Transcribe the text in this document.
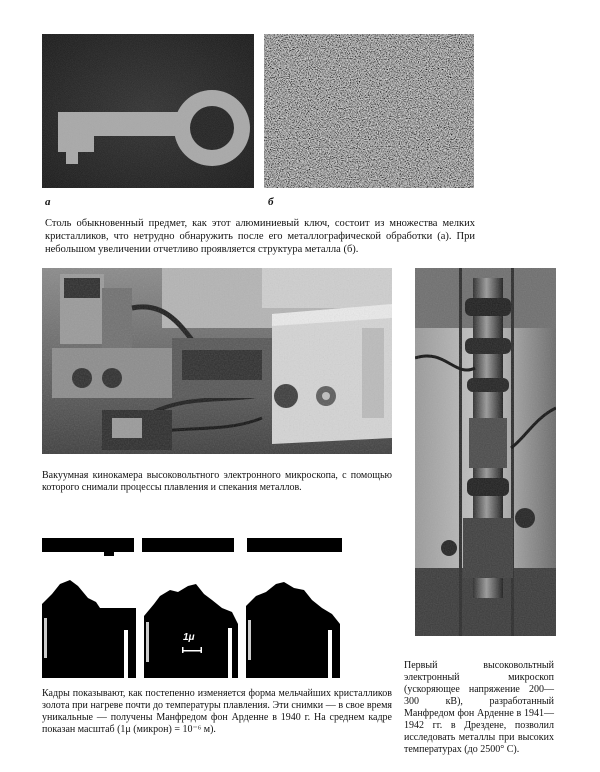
а	б

Столь обыкновенный предмет, как этот алюминиевый ключ, состоит из множества мелких кристалликов, что нетрудно обнаружить после его металлографической обработки (а). При небольшом увеличении отчетливо проявляется структура металла (б).

Вакуумная кинокамера высоковольтного электронного микроскопа, с помощью которого снимали процессы плавления и спекания металлов.

1μ

Кадры показывают, как постепенно изменяется форма мельчайших кристалликов золота при нагреве почти до температуры плавления. Эти снимки — в свое время уникальные — получены Манфредом фон Арденне в 1940 г. На среднем кадре показан масштаб (1μ (микрон) = 10⁻⁶ м).

Первый высоковольтный электронный микроскоп (ускоряющее напряжение 200—300 кВ), разработанный Манфредом фон Арденне в 1941—1942 гг. в Дрездене, позволил исследовать металлы при высоких температурах (до 2500° С).
